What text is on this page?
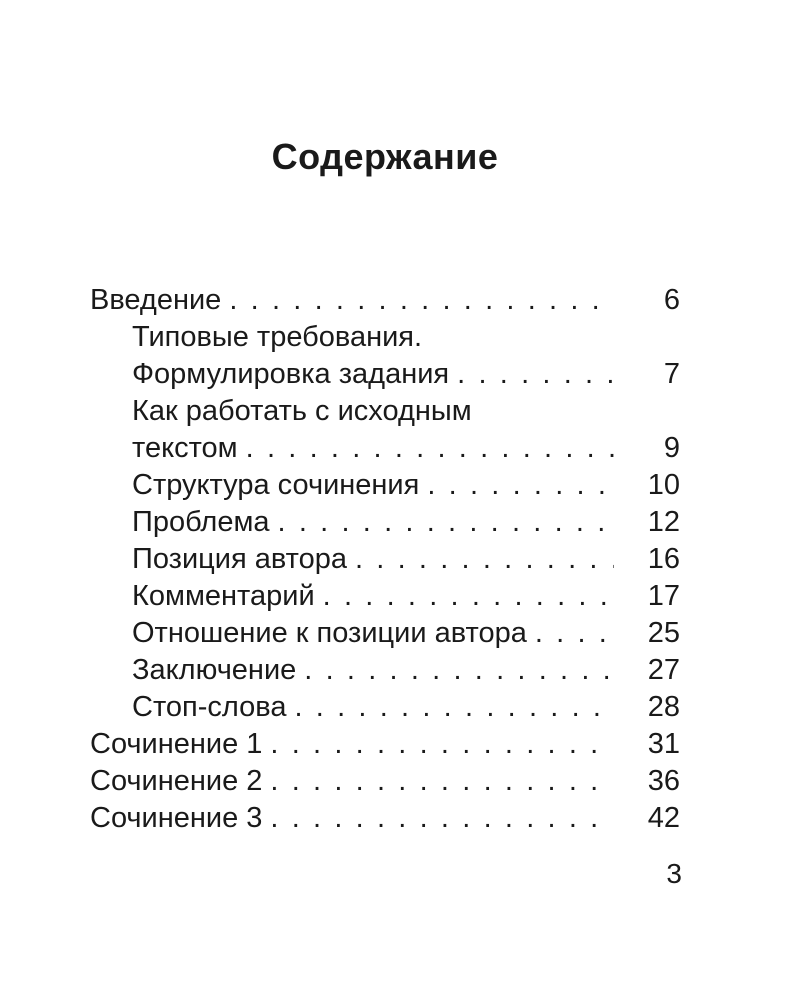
Содержание
Введение . . .	6
Типовые требования.
Формулировка задания . . .	7
Как работать с исходным
текстом . . .	9
Структура сочинения . . .	10
Проблема . . .	12
Позиция автора . . .	16
Комментарий . . .	17
Отношение к позиции автора . . .	25
Заключение . . .	27
Стоп-слова . . .	28
Сочинение 1 . . .	31
Сочинение 2 . . .	36
Сочинение 3 . . .	42
3
